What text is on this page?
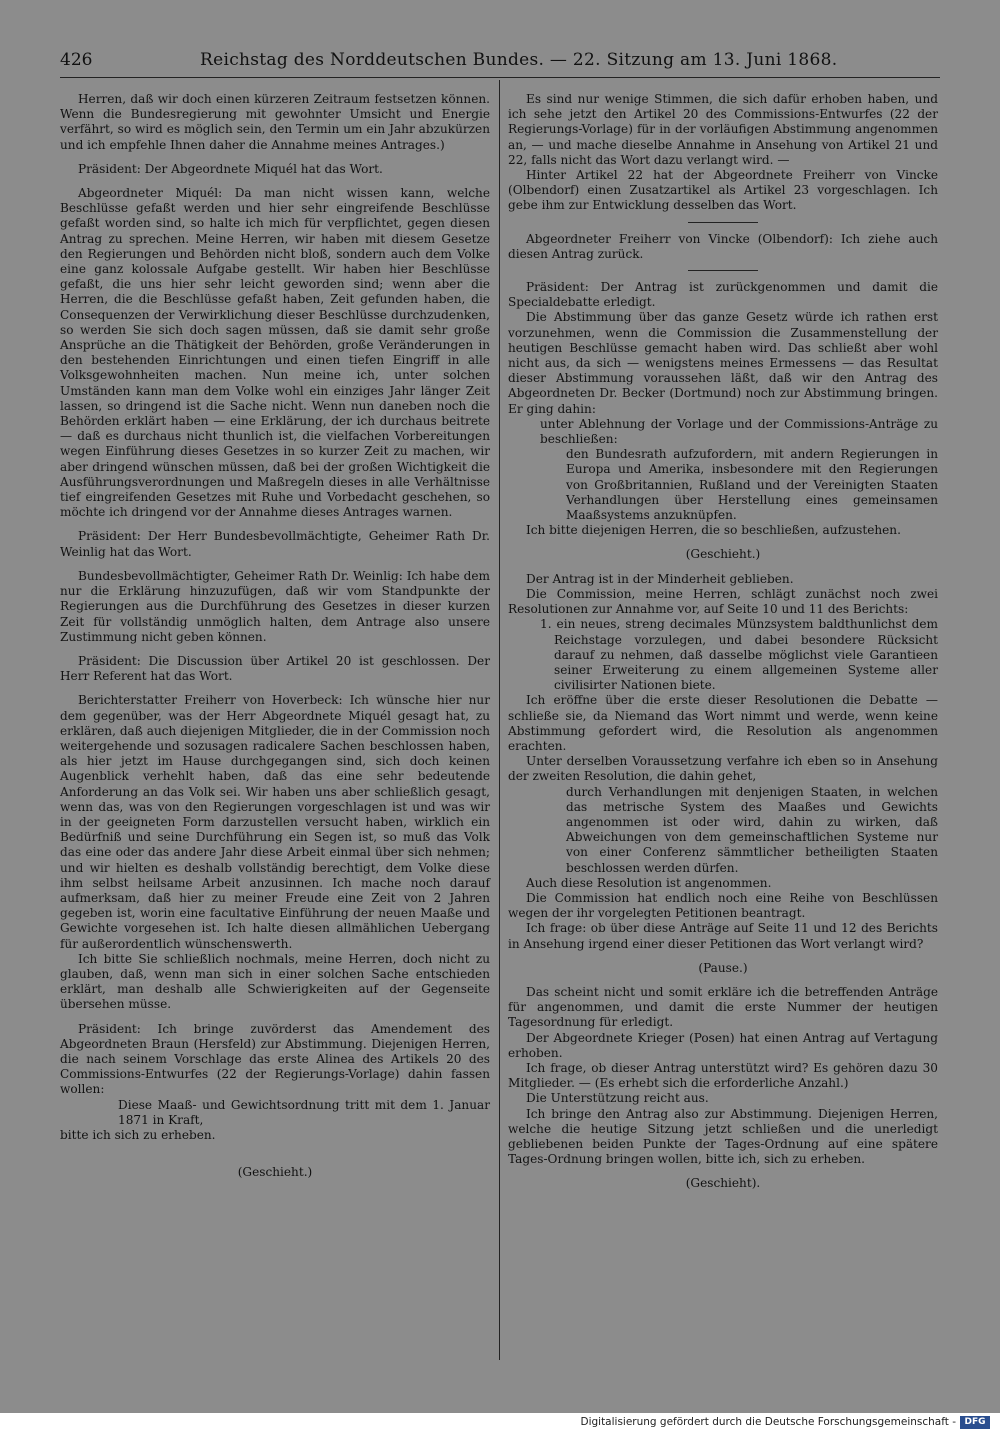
426	Reichstag des Norddeutschen Bundes. — 22. Sitzung am 13. Juni 1868.

Herren, daß wir doch einen kürzeren Zeitraum festsetzen können. Wenn die Bundesregierung mit gewohnter Umsicht und Energie verfährt, so wird es möglich sein, den Termin um ein Jahr abzukürzen und ich empfehle Ihnen daher die Annahme meines Antrages.)

Präsident: Der Abgeordnete Miquél hat das Wort.

Abgeordneter Miquél: Da man nicht wissen kann, welche Beschlüsse gefaßt werden und hier sehr eingreifende Beschlüsse gefaßt worden sind, so halte ich mich für verpflichtet, gegen diesen Antrag zu sprechen. Meine Herren, wir haben mit diesem Gesetze den Regierungen und Behörden nicht bloß, sondern auch dem Volke eine ganz kolossale Aufgabe gestellt. Wir haben hier Beschlüsse gefaßt, die uns hier sehr leicht geworden sind; wenn aber die Herren, die die Beschlüsse gefaßt haben, Zeit gefunden haben, die Consequenzen der Verwirklichung dieser Beschlüsse durchzudenken, so werden Sie sich doch sagen müssen, daß sie damit sehr große Ansprüche an die Thätigkeit der Behörden, große Veränderungen in den bestehenden Einrichtungen und einen tiefen Eingriff in alle Volksgewohnheiten machen. Nun meine ich, unter solchen Umständen kann man dem Volke wohl ein einziges Jahr länger Zeit lassen, so dringend ist die Sache nicht. Wenn nun daneben noch die Behörden erklärt haben — eine Erklärung, der ich durchaus beitrete — daß es durchaus nicht thunlich ist, die vielfachen Vorbereitungen wegen Einführung dieses Gesetzes in so kurzer Zeit zu machen, wir aber dringend wünschen müssen, daß bei der großen Wichtigkeit die Ausführungsverordnungen und Maßregeln dieses in alle Verhältnisse tief eingreifenden Gesetzes mit Ruhe und Vorbedacht geschehen, so möchte ich dringend vor der Annahme dieses Antrages warnen.

Präsident: Der Herr Bundesbevollmächtigte, Geheimer Rath Dr. Weinlig hat das Wort.

Bundesbevollmächtigter, Geheimer Rath Dr. Weinlig: Ich habe dem nur die Erklärung hinzuzufügen, daß wir vom Standpunkte der Regierungen aus die Durchführung des Gesetzes in dieser kurzen Zeit für vollständig unmöglich halten, dem Antrage also unsere Zustimmung nicht geben können.

Präsident: Die Discussion über Artikel 20 ist geschlossen. Der Herr Referent hat das Wort.

Berichterstatter Freiherr von Hoverbeck: Ich wünsche hier nur dem gegenüber, was der Herr Abgeordnete Miquél gesagt hat, zu erklären, daß auch diejenigen Mitglieder, die in der Commission noch weitergehende und sozusagen radicalere Sachen beschlossen haben, als hier jetzt im Hause durchgegangen sind, sich doch keinen Augenblick verhehlt haben, daß das eine sehr bedeutende Anforderung an das Volk sei. Wir haben uns aber schließlich gesagt, wenn das, was von den Regierungen vorgeschlagen ist und was wir in der geeigneten Form darzustellen versucht haben, wirklich ein Bedürfniß und seine Durchführung ein Segen ist, so muß das Volk das eine oder das andere Jahr diese Arbeit einmal über sich nehmen; und wir hielten es deshalb vollständig berechtigt, dem Volke diese ihm selbst heilsame Arbeit anzusinnen. Ich mache noch darauf aufmerksam, daß hier zu meiner Freude eine Zeit von 2 Jahren gegeben ist, worin eine facultative Einführung der neuen Maaße und Gewichte vorgesehen ist. Ich halte diesen allmählichen Uebergang für außerordentlich wünschenswerth.

Ich bitte Sie schließlich nochmals, meine Herren, doch nicht zu glauben, daß, wenn man sich in einer solchen Sache entschieden erklärt, man deshalb alle Schwierigkeiten auf der Gegenseite übersehen müsse.

Präsident: Ich bringe zuvörderst das Amendement des Abgeordneten Braun (Hersfeld) zur Abstimmung. Diejenigen Herren, die nach seinem Vorschlage das erste Alinea des Artikels 20 des Commissions-Entwurfes (22 der Regierungs-Vorlage) dahin fassen wollen:

Diese Maaß- und Gewichtsordnung tritt mit dem 1. Januar 1871 in Kraft,

bitte ich sich zu erheben.

(Geschieht.)

Es sind nur wenige Stimmen, die sich dafür erhoben haben, und ich sehe jetzt den Artikel 20 des Commissions-Entwurfes (22 der Regierungs-Vorlage) für in der vorläufigen Abstimmung angenommen an, — und mache dieselbe Annahme in Ansehung von Artikel 21 und 22, falls nicht das Wort dazu verlangt wird. —

Hinter Artikel 22 hat der Abgeordnete Freiherr von Vincke (Olbendorf) einen Zusatzartikel als Artikel 23 vorgeschlagen. Ich gebe ihm zur Entwicklung desselben das Wort.

Abgeordneter Freiherr von Vincke (Olbendorf): Ich ziehe auch diesen Antrag zurück.

Präsident: Der Antrag ist zurückgenommen und damit die Specialdebatte erledigt.

Die Abstimmung über das ganze Gesetz würde ich rathen erst vorzunehmen, wenn die Commission die Zusammenstellung der heutigen Beschlüsse gemacht haben wird. Das schließt aber wohl nicht aus, da sich — wenigstens meines Ermessens — das Resultat dieser Abstimmung voraussehen läßt, daß wir den Antrag des Abgeordneten Dr. Becker (Dortmund) noch zur Abstimmung bringen. Er ging dahin:

unter Ablehnung der Vorlage und der Commissions-Anträge zu beschließen:

den Bundesrath aufzufordern, mit andern Regierungen in Europa und Amerika, insbesondere mit den Regierungen von Großbritannien, Rußland und der Vereinigten Staaten Verhandlungen über Herstellung eines gemeinsamen Maaßsystems anzuknüpfen.

Ich bitte diejenigen Herren, die so beschließen, aufzustehen.

(Geschieht.)

Der Antrag ist in der Minderheit geblieben.

Die Commission, meine Herren, schlägt zunächst noch zwei Resolutionen zur Annahme vor, auf Seite 10 und 11 des Berichts:

1. ein neues, streng decimales Münzsystem baldthunlichst dem Reichstage vorzulegen, und dabei besondere Rücksicht darauf zu nehmen, daß dasselbe möglichst viele Garantieen seiner Erweiterung zu einem allgemeinen Systeme aller civilisirter Nationen biete.

Ich eröffne über die erste dieser Resolutionen die Debatte — schließe sie, da Niemand das Wort nimmt und werde, wenn keine Abstimmung gefordert wird, die Resolution als angenommen erachten.

Unter derselben Voraussetzung verfahre ich eben so in Ansehung der zweiten Resolution, die dahin gehet,

durch Verhandlungen mit denjenigen Staaten, in welchen das metrische System des Maaßes und Gewichts angenommen ist oder wird, dahin zu wirken, daß Abweichungen von dem gemeinschaftlichen Systeme nur von einer Conferenz sämmtlicher betheiligten Staaten beschlossen werden dürfen.

Auch diese Resolution ist angenommen.

Die Commission hat endlich noch eine Reihe von Beschlüssen wegen der ihr vorgelegten Petitionen beantragt.

Ich frage: ob über diese Anträge auf Seite 11 und 12 des Berichts in Ansehung irgend einer dieser Petitionen das Wort verlangt wird?

(Pause.)

Das scheint nicht und somit erkläre ich die betreffenden Anträge für angenommen, und damit die erste Nummer der heutigen Tagesordnung für erledigt.

Der Abgeordnete Krieger (Posen) hat einen Antrag auf Vertagung erhoben.

Ich frage, ob dieser Antrag unterstützt wird? Es gehören dazu 30 Mitglieder. — (Es erhebt sich die erforderliche Anzahl.)

Die Unterstützung reicht aus.

Ich bringe den Antrag also zur Abstimmung. Diejenigen Herren, welche die heutige Sitzung jetzt schließen und die unerledigt gebliebenen beiden Punkte der Tages-Ordnung auf eine spätere Tages-Ordnung bringen wollen, bitte ich, sich zu erheben.

(Geschieht).

Digitalisierung gefördert durch die Deutsche Forschungsgemeinschaft - DFG
